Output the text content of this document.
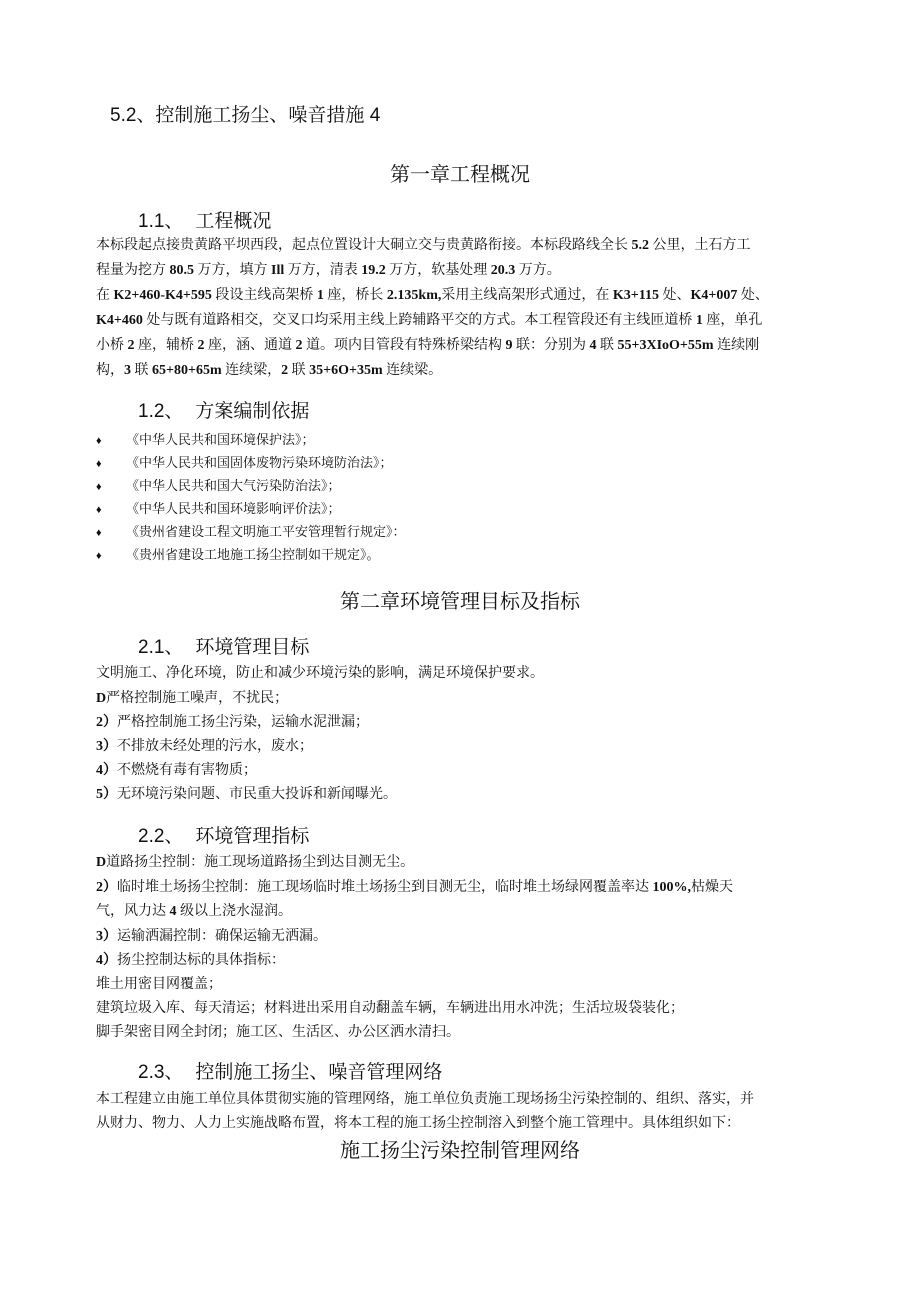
5.2、控制施工扬尘、噪音措施 4
第一章工程概况
1.1、 工程概况
本标段起点接贵黄路平坝西段，起点位置设计大硐立交与贵黄路衔接。本标段路线全长 5.2 公里，土石方工
程量为挖方 80.5 万方，填方 Ill 万方，清表 19.2 万方，软基处理 20.3 万方。
在 K2+460-K4+595 段设主线高架桥 1 座，桥长 2.135km,采用主线高架形式通过，在 K3+115 处、K4+007 处、
K4+460 处与既有道路相交，交叉口均采用主线上跨辅路平交的方式。本工程管段还有主线匝道桥 1 座，单孔
小桥 2 座，辅桥 2 座，涵、通道 2 道。项内目管段有特殊桥梁结构 9 联：分别为 4 联 55+3XIoO+55m 连续刚
构，3 联 65+80+65m 连续梁，2 联 35+6O+35m 连续梁。
1.2、 方案编制依据
♦ 《中华人民共和国环境保护法》；
♦ 《中华人民共和国固体废物污染环境防治法》；
♦ 《中华人民共和国大气污染防治法》；
♦ 《中华人民共和国环境影响评价法》；
♦ 《贵州省建设工程文明施工平安管理暂行规定》：
♦ 《贵州省建设工地施工扬尘控制如干规定》。
第二章环境管理目标及指标
2.1、 环境管理目标
文明施工、净化环境，防止和减少环境污染的影响，满足环境保护要求。
D严格控制施工噪声，不扰民；
2）严格控制施工扬尘污染，运输水泥泄漏；
3）不排放未经处理的污水，废水；
4）不燃烧有毒有害物质；
5）无环境污染问题、市民重大投诉和新闻曝光。
2.2、 环境管理指标
D道路扬尘控制：施工现场道路扬尘到达目测无尘。
2）临时堆土场扬尘控制：施工现场临时堆土场扬尘到目测无尘，临时堆土场绿网覆盖率达 100%,枯燥天
气，风力达 4 级以上浇水湿润。
3）运输洒漏控制：确保运输无洒漏。
4）扬尘控制达标的具体指标：
堆土用密目网覆盖；
建筑垃圾入库、每天清运；材料进出采用自动翻盖车辆，车辆进出用水冲洗；生活垃圾袋装化；
脚手架密目网全封闭；施工区、生活区、办公区洒水清扫。
2.3、 控制施工扬尘、噪音管理网络
本工程建立由施工单位具体贯彻实施的管理网络，施工单位负责施工现场扬尘污染控制的、组织、落实，并
从财力、物力、人力上实施战略布置，将本工程的施工扬尘控制溶入到整个施工管理中。具体组织如下：
施工扬尘污染控制管理网络
